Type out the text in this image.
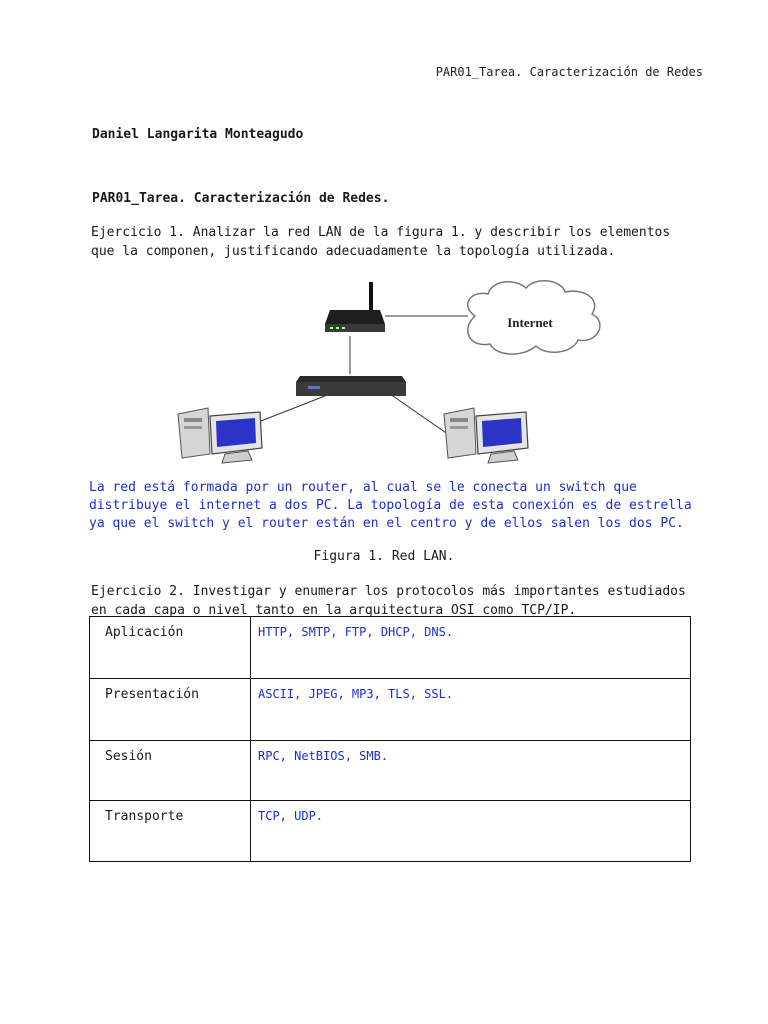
PAR01_Tarea. Caracterización de Redes
Daniel Langarita Monteagudo
PAR01_Tarea. Caracterización de Redes.
Ejercicio 1. Analizar la red LAN de la figura 1. y describir los elementos
que la componen, justificando adecuadamente la topología utilizada.
Internet
La red está formada por un router, al cual se le conecta un switch que
distribuye el internet a dos PC. La topología de esta conexión es de estrella
ya que el switch y el router están en el centro y de ellos salen los dos PC.
Figura 1. Red LAN.
Ejercicio 2. Investigar y enumerar los protocolos más importantes estudiados
en cada capa o nivel tanto en la arquitectura OSI como TCP/IP.
Aplicación	HTTP, SMTP, FTP, DHCP, DNS.
Presentación	ASCII, JPEG, MP3, TLS, SSL.
Sesión	RPC, NetBIOS, SMB.
Transporte	TCP, UDP.
